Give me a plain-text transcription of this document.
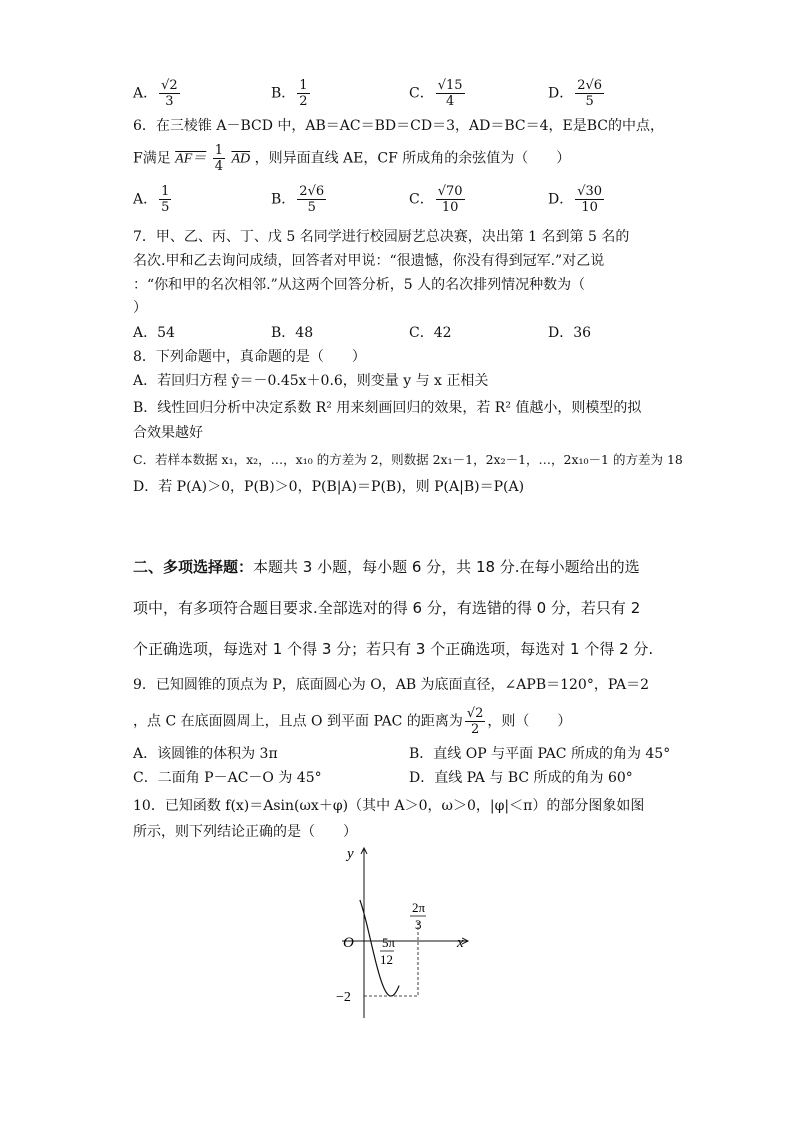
A． $\frac{√2}{3}$	B． $\frac{1}{2}$	C． $\frac{√15}{4}$	D． $\frac{2√6}{5}$
6．在三棱锥 A－BCD 中，AB＝AC＝BD＝CD＝3，AD＝BC＝4，E是BC的中点，
F满足 $AF= \frac{1}{4} \overline{AD}$ ，则异面直线 AE，CF 所成角的余弦值为（　　）
A． $\frac{1}{5}$	B． $\frac{2√6}{5}$	C． $\frac{√70}{10}$	D． $\frac{√30}{10}$
7．甲、乙、丙、丁、戊 5 名同学进行校园厨艺总决赛，决出第 1 名到第 5 名的
名次.甲和乙去询问成绩，回答者对甲说：“很遗憾，你没有得到冠军.”对乙说
：“你和甲的名次相邻.”从这两个回答分析，5 人的名次排列情况种数为（
）
A．54	B．48	C．42	D．36
8．下列命题中，真命题的是（　　）
A．若回归方程 ŷ＝－0.45x＋0.6，则变量 y 与 x 正相关
B．线性回归分析中决定系数 R² 用来刻画回归的效果，若 R² 值越小，则模型的拟
合效果越好
C．若样本数据 x₁，x₂，…，x₁₀ 的方差为 2，则数据 2x₁－1，2x₂－1，…，2x₁₀－1 的方差为 18
D．若 P(A)＞0，P(B)＞0，P(B|A)＝P(B)，则 P(A|B)＝P(A)
二、多项选择题：本题共 3 小题，每小题 6 分，共 18 分.在每小题给出的选
项中，有多项符合题目要求.全部选对的得 6 分，有选错的得 0 分，若只有 2
个正确选项，每选对 1 个得 3 分；若只有 3 个正确选项，每选对 1 个得 2 分.
9．已知圆锥的顶点为 P，底面圆心为 O，AB 为底面直径，∠APB＝120°，PA＝2
，点 C 在底面圆周上，且点 O 到平面 PAC 的距离为 $\frac{√2}{2}$ ，则（　　）
A．该圆锥的体积为 3π	B．直线 OP 与平面 PAC 所成的角为 45°
C．二面角 P－AC－O 为 45°	D．直线 PA 与 BC 所成的角为 60°
10．已知函数 f(x)＝Asin(ωx＋φ)（其中 A＞0，ω＞0，|φ|＜π）的部分图象如图
所示，则下列结论正确的是（　　）
y
x
O 5π
12
2π
3
−2
